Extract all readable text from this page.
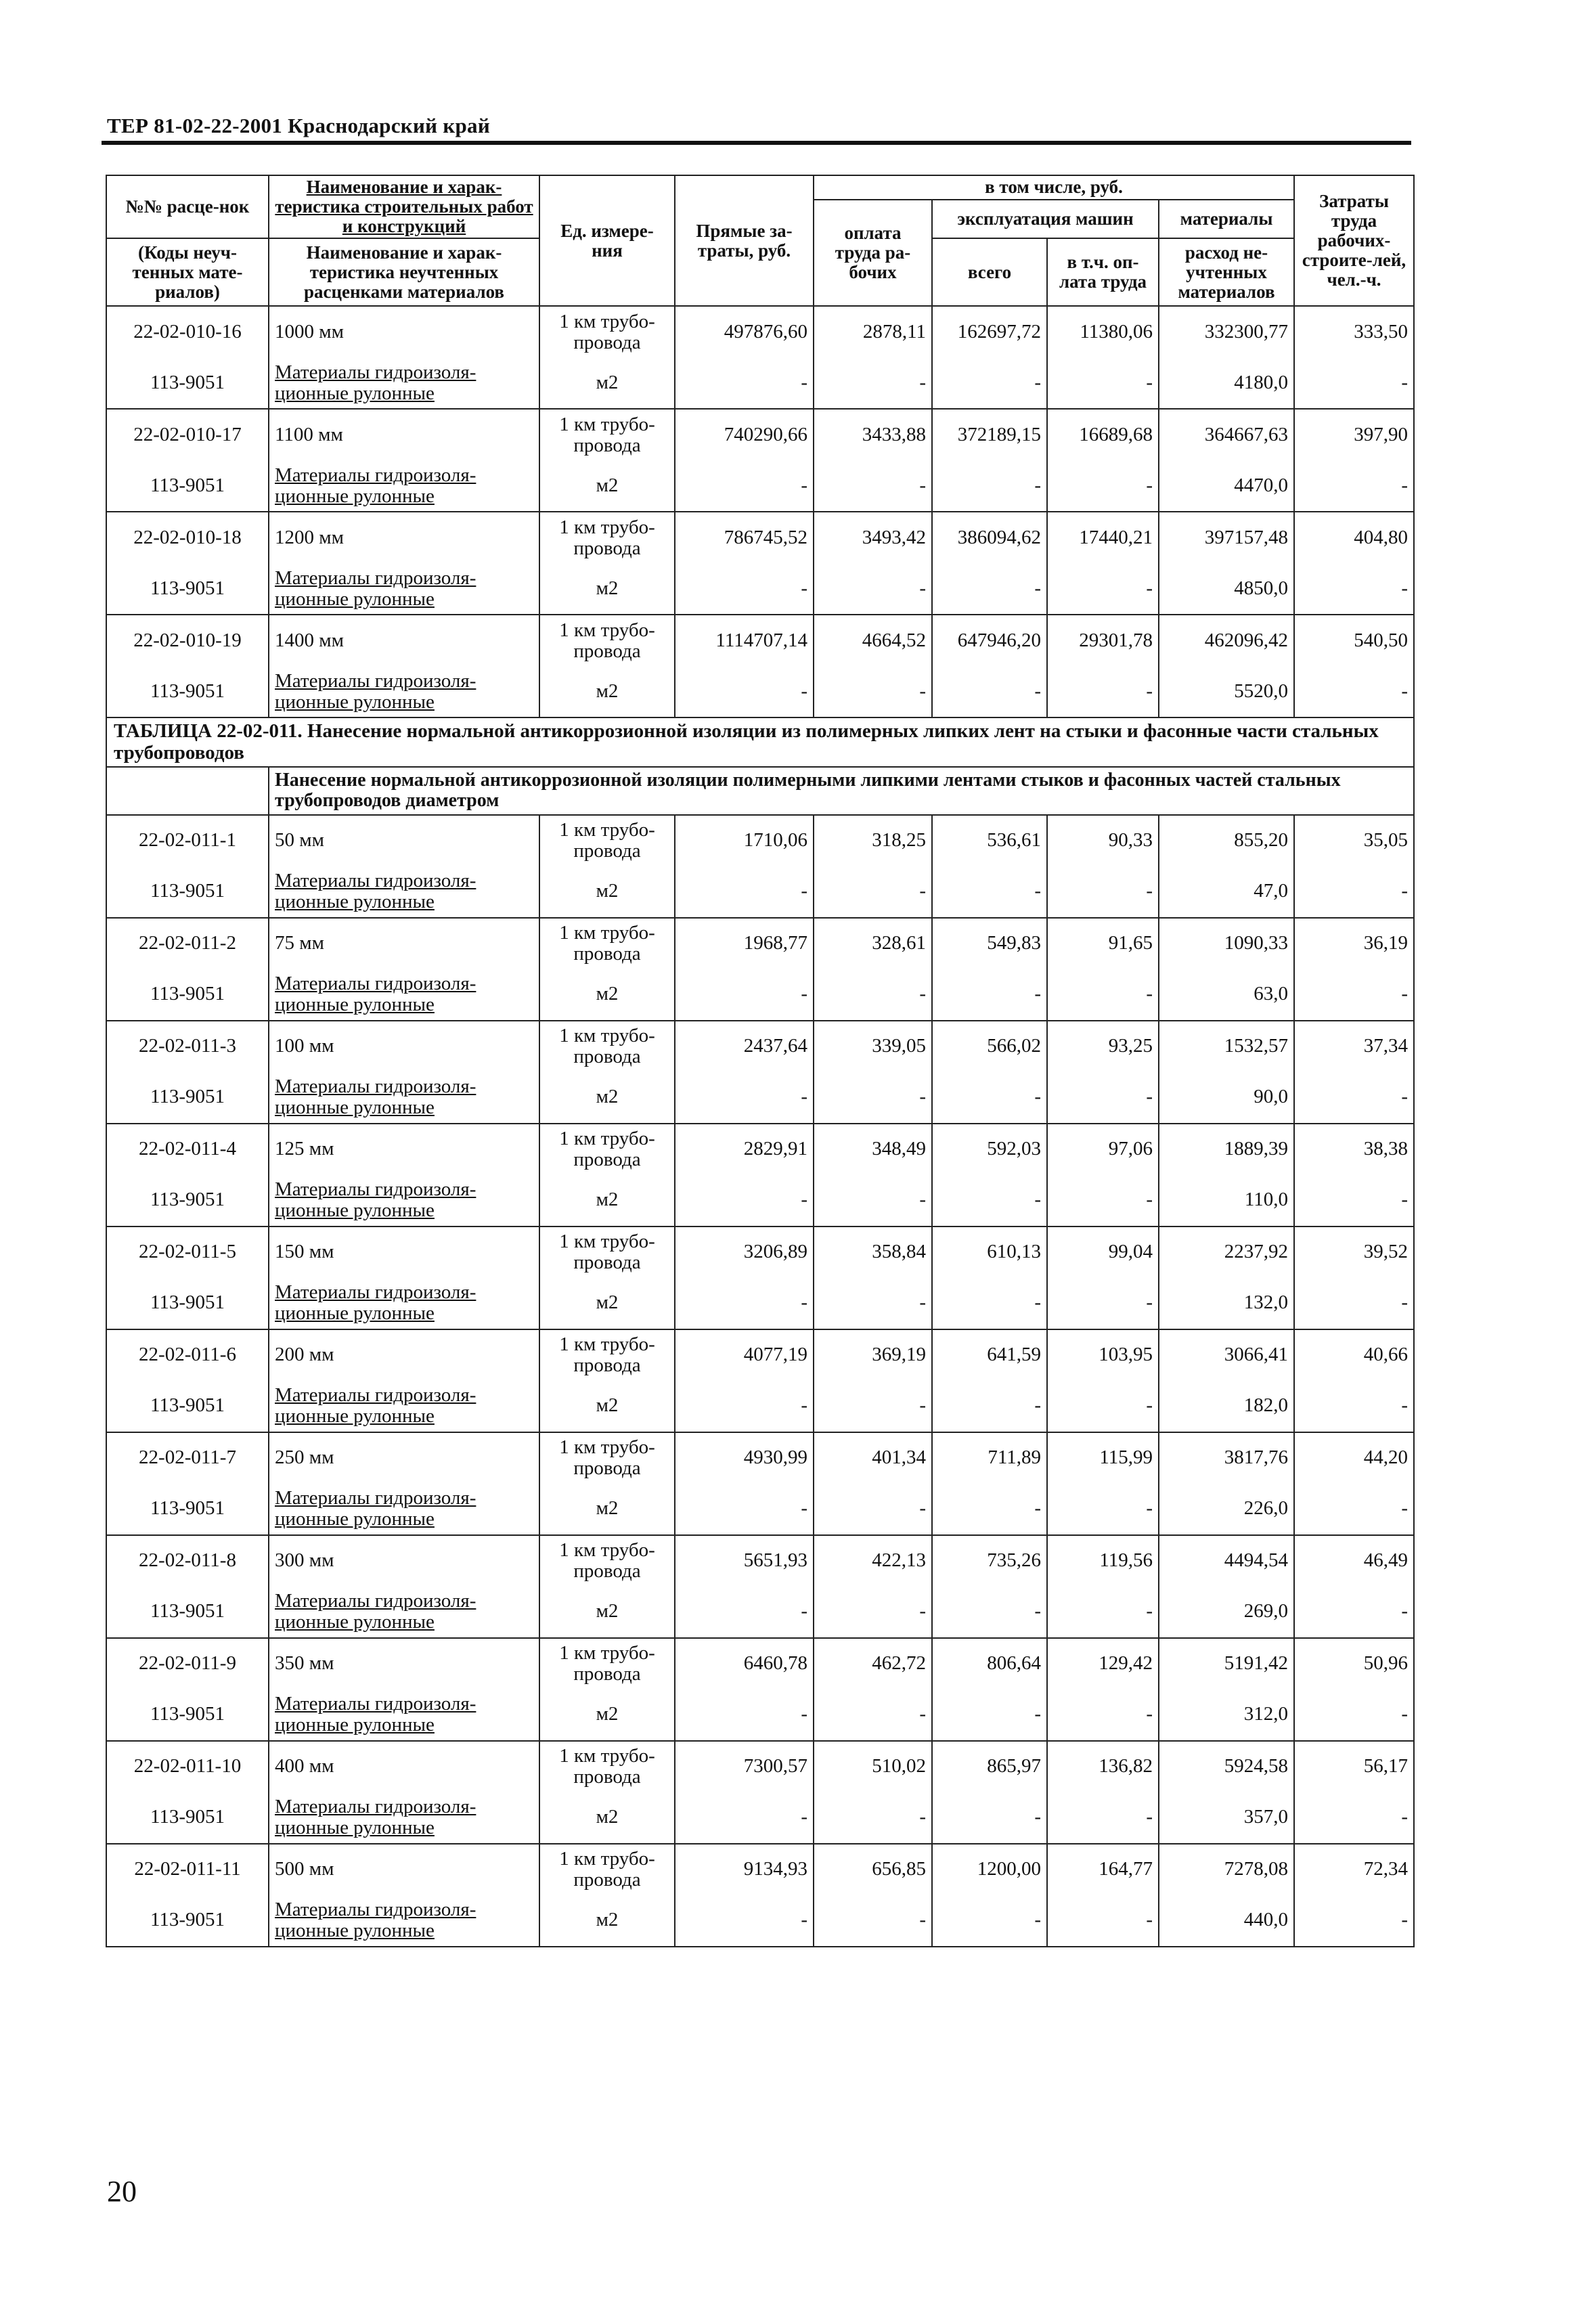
ТЕР 81-02-22-2001 Краснодарский край
№№ расце-нок	Наименование и харак-теристика строительных работ и конструкций	Ед. измере-ния	Прямые за-траты, руб.	в том числе, руб.				Затраты труда рабочих-строите-лей, чел.-ч.
				оплата труда ра-бочих	эксплуатация машин		материалы	
(Коды неуч-тенных мате-риалов)	Наименование и харак-теристика неучтенных расценками материалов				всего	в т.ч. оп-лата труда	расход не-учтенных материалов	

22-02-010-16	1000 мм	1 км трубо-провода	497876,60	2878,11	162697,72	11380,06	332300,77	333,50
113-9051	Материалы гидроизоля-ционные рулонные	м2	-	-	-	-	4180,0	-
22-02-010-17	1100 мм	1 км трубо-провода	740290,66	3433,88	372189,15	16689,68	364667,63	397,90
113-9051	Материалы гидроизоля-ционные рулонные	м2	-	-	-	-	4470,0	-
22-02-010-18	1200 мм	1 км трубо-провода	786745,52	3493,42	386094,62	17440,21	397157,48	404,80
113-9051	Материалы гидроизоля-ционные рулонные	м2	-	-	-	-	4850,0	-
22-02-010-19	1400 мм	1 км трубо-провода	1114707,14	4664,52	647946,20	29301,78	462096,42	540,50
113-9051	Материалы гидроизоля-ционные рулонные	м2	-	-	-	-	5520,0	-
ТАБЛИЦА 22-02-011. Нанесение нормальной антикоррозионной изоляции из полимерных липких лент на стыки и фасонные части стальных трубопроводов								
	Нанесение нормальной антикоррозионной изоляции полимерными липкими лентами стыков и фасонных частей стальных трубопроводов диаметром							
22-02-011-1	50 мм	1 км трубо-провода	1710,06	318,25	536,61	90,33	855,20	35,05
113-9051	Материалы гидроизоля-ционные рулонные	м2	-	-	-	-	47,0	-
22-02-011-2	75 мм	1 км трубо-провода	1968,77	328,61	549,83	91,65	1090,33	36,19
113-9051	Материалы гидроизоля-ционные рулонные	м2	-	-	-	-	63,0	-
22-02-011-3	100 мм	1 км трубо-провода	2437,64	339,05	566,02	93,25	1532,57	37,34
113-9051	Материалы гидроизоля-ционные рулонные	м2	-	-	-	-	90,0	-
22-02-011-4	125 мм	1 км трубо-провода	2829,91	348,49	592,03	97,06	1889,39	38,38
113-9051	Материалы гидроизоля-ционные рулонные	м2	-	-	-	-	110,0	-
22-02-011-5	150 мм	1 км трубо-провода	3206,89	358,84	610,13	99,04	2237,92	39,52
113-9051	Материалы гидроизоля-ционные рулонные	м2	-	-	-	-	132,0	-
22-02-011-6	200 мм	1 км трубо-провода	4077,19	369,19	641,59	103,95	3066,41	40,66
113-9051	Материалы гидроизоля-ционные рулонные	м2	-	-	-	-	182,0	-
22-02-011-7	250 мм	1 км трубо-провода	4930,99	401,34	711,89	115,99	3817,76	44,20
113-9051	Материалы гидроизоля-ционные рулонные	м2	-	-	-	-	226,0	-
22-02-011-8	300 мм	1 км трубо-провода	5651,93	422,13	735,26	119,56	4494,54	46,49
113-9051	Материалы гидроизоля-ционные рулонные	м2	-	-	-	-	269,0	-
22-02-011-9	350 мм	1 км трубо-провода	6460,78	462,72	806,64	129,42	5191,42	50,96
113-9051	Материалы гидроизоля-ционные рулонные	м2	-	-	-	-	312,0	-
22-02-011-10	400 мм	1 км трубо-провода	7300,57	510,02	865,97	136,82	5924,58	56,17
113-9051	Материалы гидроизоля-ционные рулонные	м2	-	-	-	-	357,0	-
22-02-011-11	500 мм	1 км трубо-провода	9134,93	656,85	1200,00	164,77	7278,08	72,34
113-9051	Материалы гидроизоля-ционные рулонные	м2	-	-	-	-	440,0	-
20
